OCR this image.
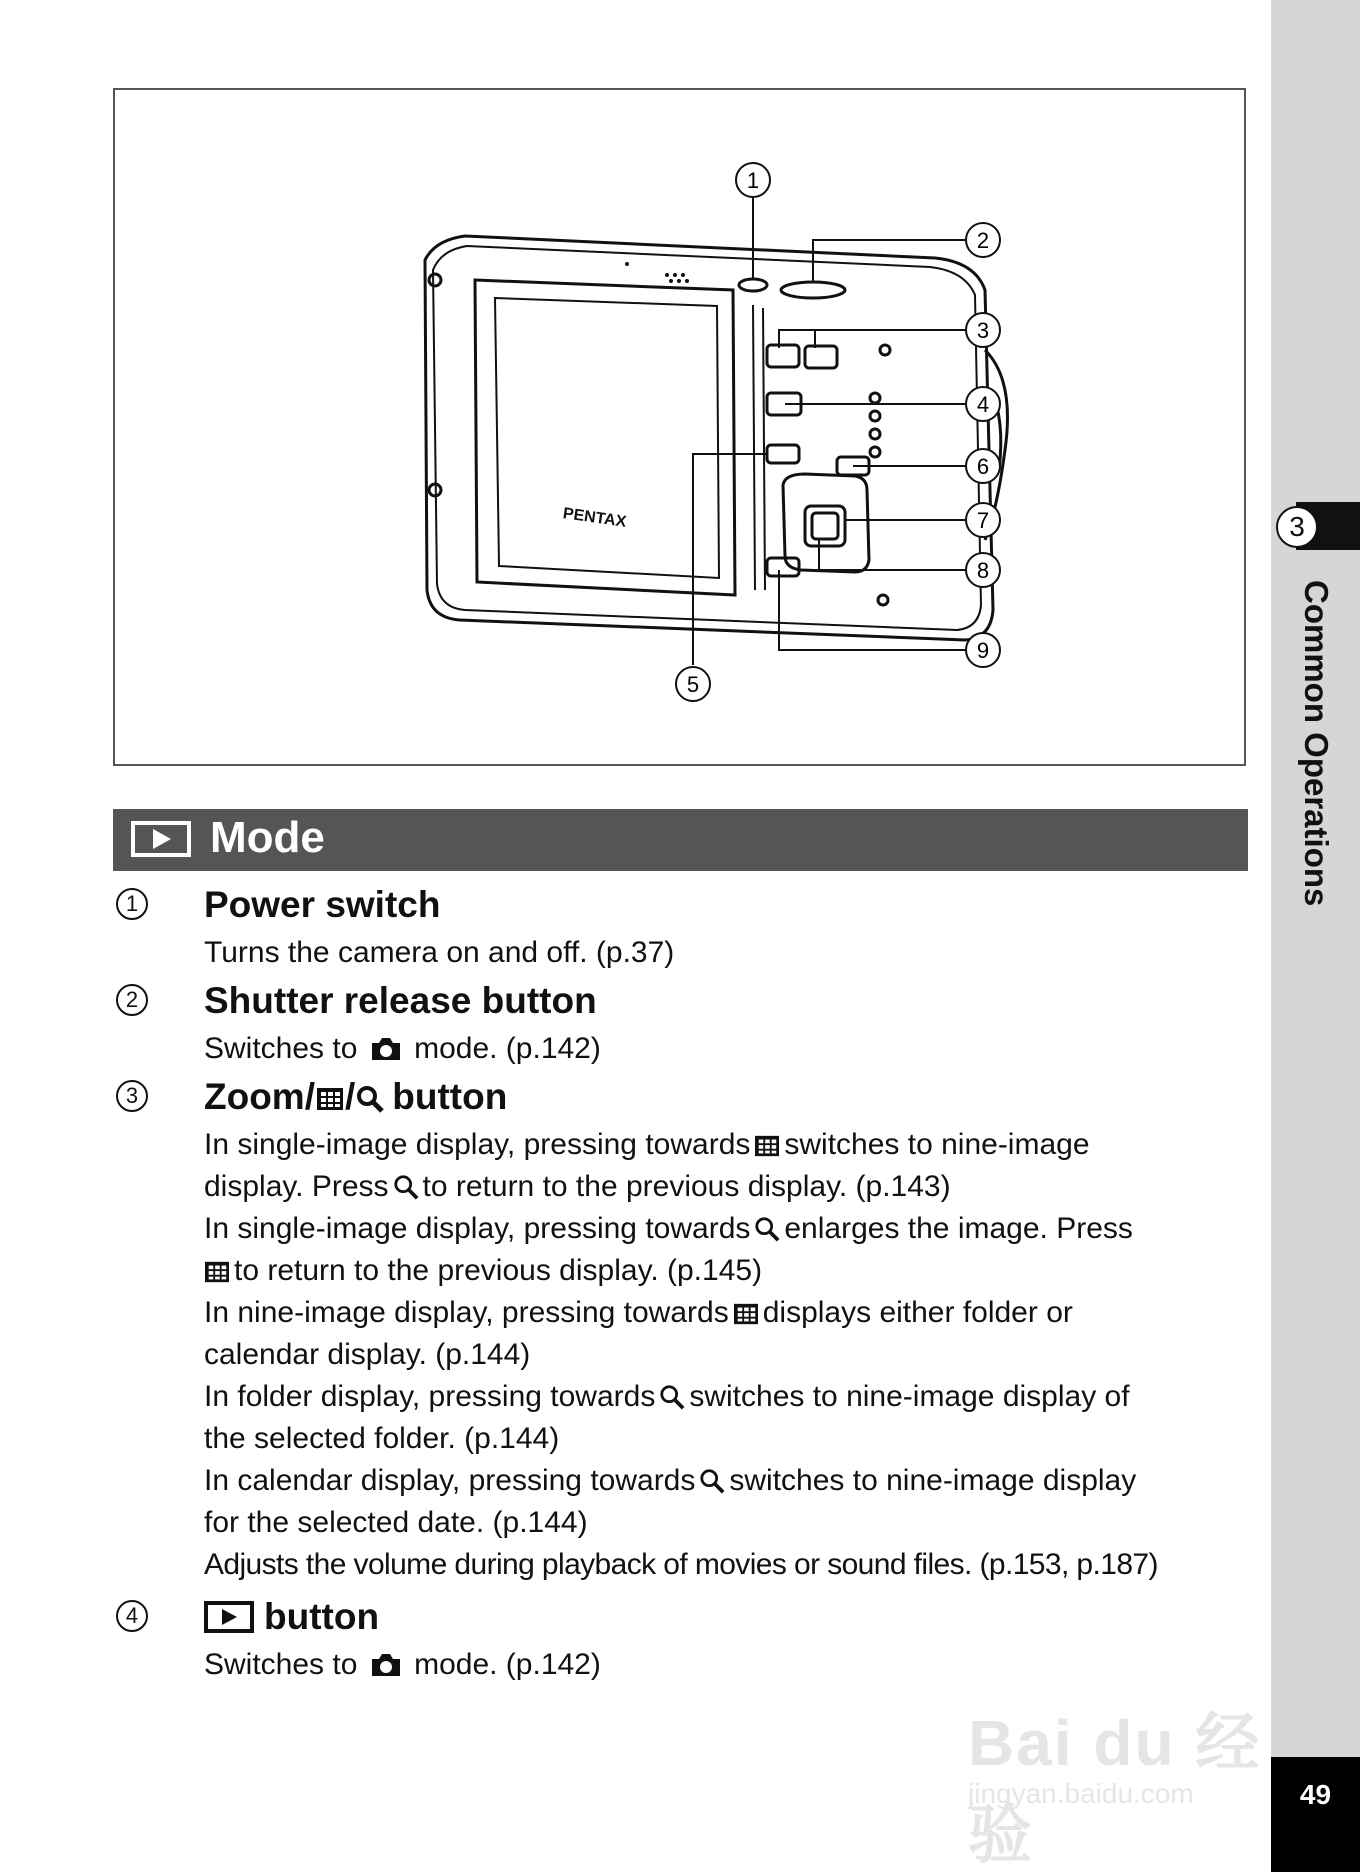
3
Common Operations
49
PENTAX
1
2
3
4
5
6
7
8
9
Mode
1 Power switch
Turns the camera on and off. (p.37)
2 Shutter release button
Switches to mode. (p.142)
3 Zoom/ / button
In single-image display, pressing towards switches to nine-image
display. Press to return to the previous display. (p.143)
In single-image display, pressing towards enlarges the image. Press
to return to the previous display. (p.145)
In nine-image display, pressing towards displays either folder or
calendar display. (p.144)
In folder display, pressing towards switches to nine-image display of
the selected folder. (p.144)
In calendar display, pressing towards switches to nine-image display
for the selected date. (p.144)
Adjusts the volume during playback of movies or sound files. (p.153, p.187)
4	button
Switches to mode. (p.142)
Bai du 经验
jingyan.baidu.com
